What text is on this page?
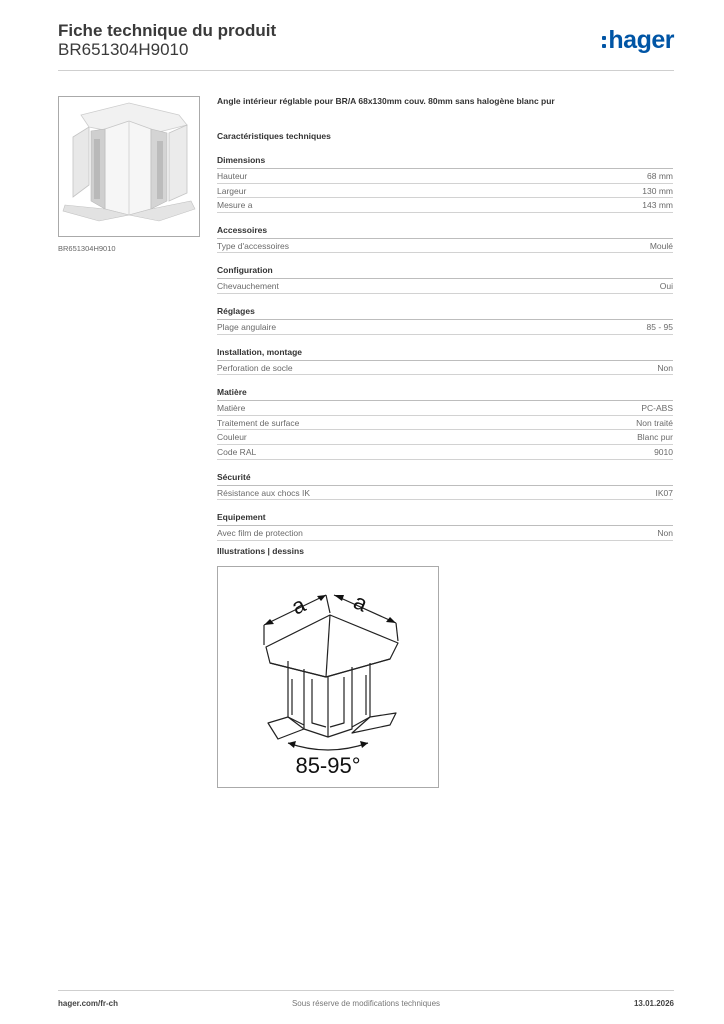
Fiche technique du produit
BR651304H9010	hager
BR651304H9010
Angle intérieur réglable pour BR/A 68x130mm couv. 80mm sans halogène blanc pur
Caractéristiques techniques
Dimensions
Hauteur	68 mm
Largeur	130 mm
Mesure a	143 mm
Accessoires
Type d'accessoires	Moulé
Configuration
Chevauchement	Oui
Réglages
Plage angulaire	85 - 95
Installation, montage
Perforation de socle	Non
Matière
Matière	PC-ABS
Traitement de surface	Non traité
Couleur	Blanc pur
Code RAL	9010
Sécurité
Résistance aux chocs IK	IK07
Equipement
Avec film de protection	Non
Illustrations | dessins
a a
85-95°
hager.com/fr-ch	Sous réserve de modifications techniques	13.01.2026
